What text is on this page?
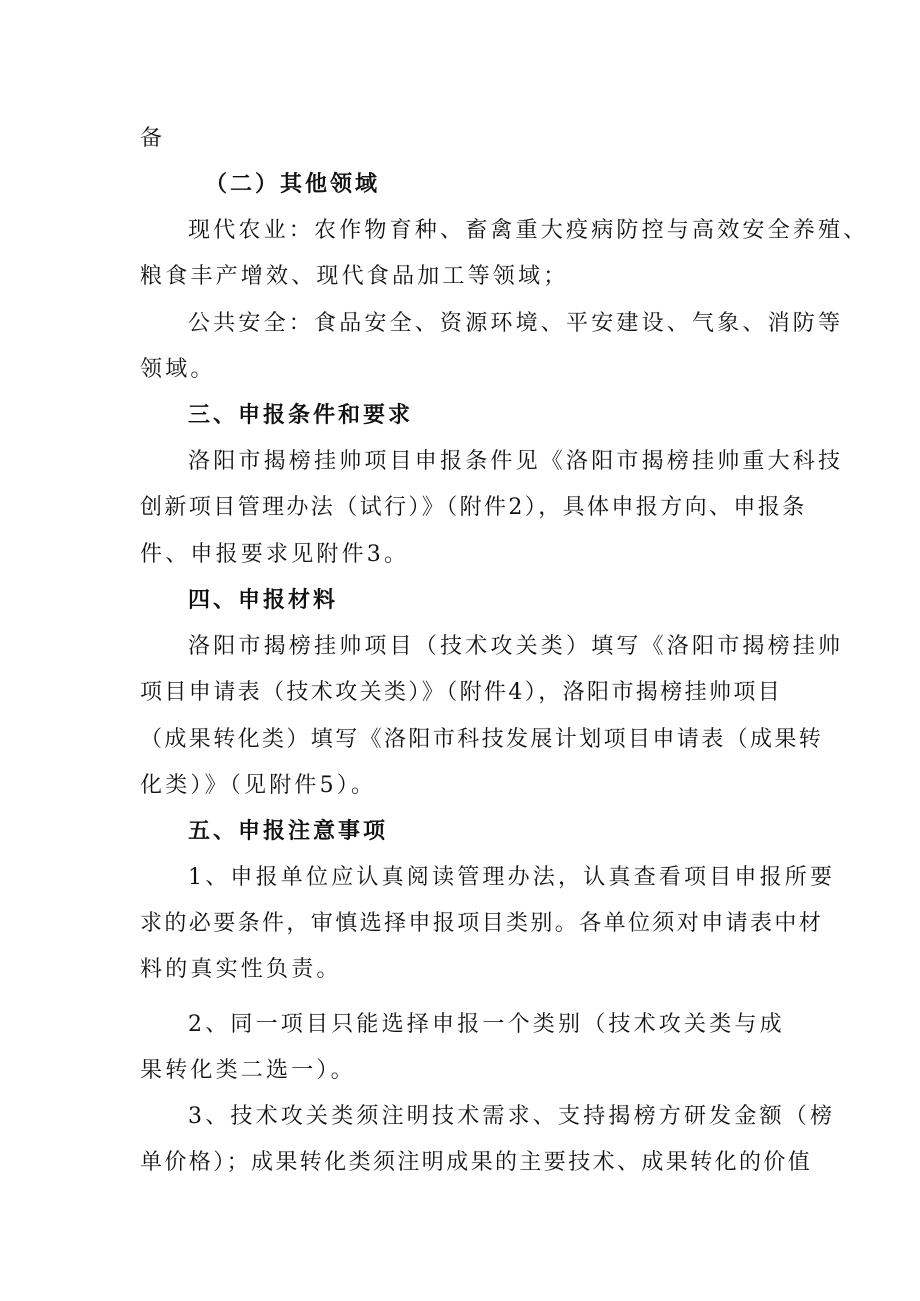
备
（二）其他领域
现代农业：农作物育种、畜禽重大疫病防控与高效安全养殖、
粮食丰产增效、现代食品加工等领域；
公共安全：食品安全、资源环境、平安建设、气象、消防等
领域。
三、申报条件和要求
洛阳市揭榜挂帅项目申报条件见《洛阳市揭榜挂帅重大科技
创新项目管理办法（试行）》（附件2），具体申报方向、申报条
件、申报要求见附件3。
四、申报材料
洛阳市揭榜挂帅项目（技术攻关类）填写《洛阳市揭榜挂帅
项目申请表（技术攻关类）》（附件4），洛阳市揭榜挂帅项目
（成果转化类）填写《洛阳市科技发展计划项目申请表（成果转
化类）》（见附件5）。
五、申报注意事项
1、申报单位应认真阅读管理办法，认真查看项目申报所要
求的必要条件，审慎选择申报项目类别。各单位须对申请表中材
料的真实性负责。
2、同一项目只能选择申报一个类别（技术攻关类与成
果转化类二选一）。
3、技术攻关类须注明技术需求、支持揭榜方研发金额（榜
单价格）；成果转化类须注明成果的主要技术、成果转化的价值
